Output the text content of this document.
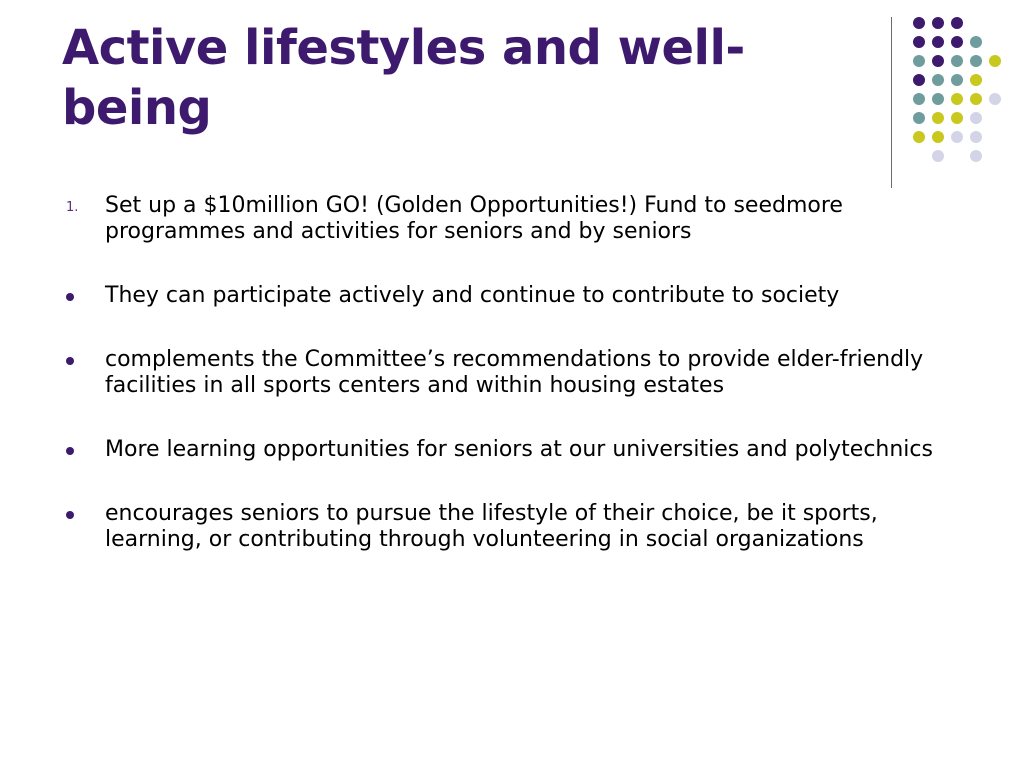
Active lifestyles and well-
being
1. Set up a $10million GO! (Golden Opportunities!) Fund to seedmore programmes and activities for seniors and by seniors
They can participate actively and continue to contribute to society
complements the Committee’s recommendations to provide elder-friendly facilities in all sports centers and within housing estates
More learning opportunities for seniors at our universities and polytechnics
encourages seniors to pursue the lifestyle of their choice, be it sports, learning, or contributing through volunteering in social organizations
